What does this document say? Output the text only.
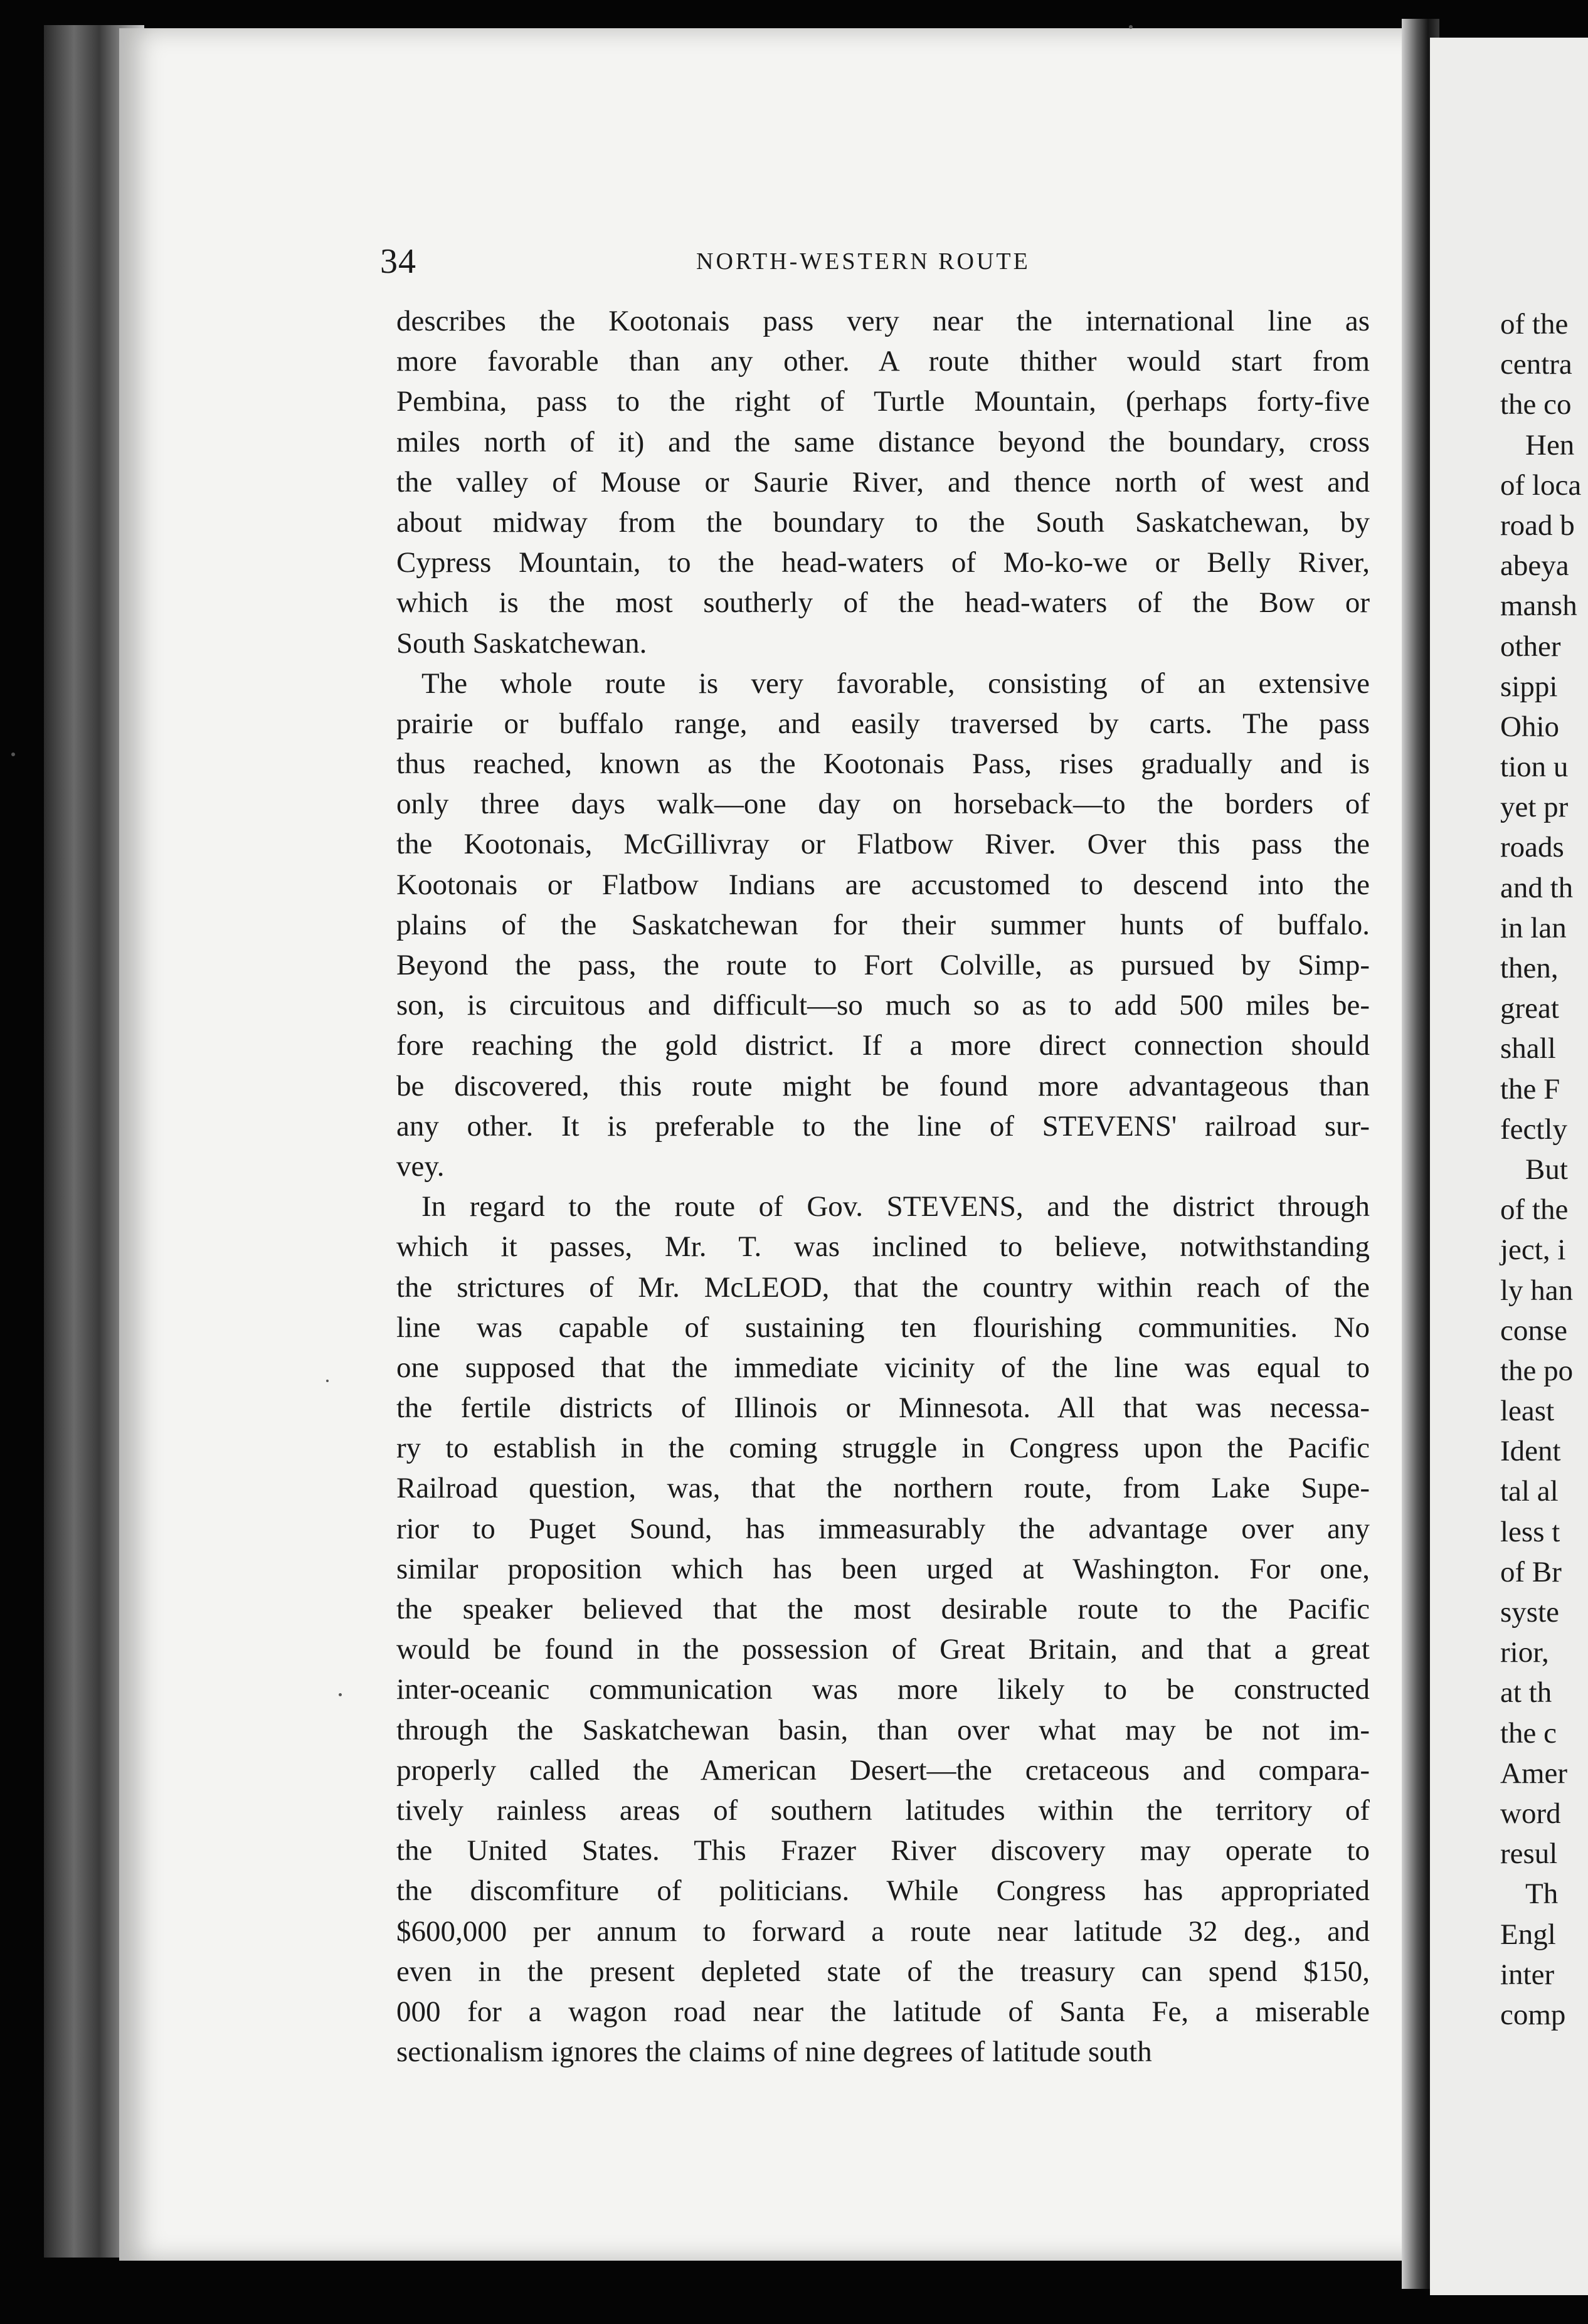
34	NORTH-WESTERN ROUTE
describes the Kootonais pass very near the international line as
more favorable than any other. A route thither would start from
Pembina, pass to the right of Turtle Mountain, (perhaps forty-five
miles north of it) and the same distance beyond the boundary, cross
the valley of Mouse or Saurie River, and thence north of west and
about midway from the boundary to the South Saskatchewan, by
Cypress Mountain, to the head-waters of Mo-ko-we or Belly River,
which is the most southerly of the head-waters of the Bow or
South Saskatchewan.
The whole route is very favorable, consisting of an extensive
prairie or buffalo range, and easily traversed by carts. The pass
thus reached, known as the Kootonais Pass, rises gradually and is
only three days walk—one day on horseback—to the borders of
the Kootonais, McGillivray or Flatbow River. Over this pass the
Kootonais or Flatbow Indians are accustomed to descend into the
plains of the Saskatchewan for their summer hunts of buffalo.
Beyond the pass, the route to Fort Colville, as pursued by Simp-
son, is circuitous and difficult—so much so as to add 500 miles be-
fore reaching the gold district. If a more direct connection should
be discovered, this route might be found more advantageous than
any other. It is preferable to the line of STEVENS' railroad sur-
vey.
In regard to the route of Gov. STEVENS, and the district through
which it passes, Mr. T. was inclined to believe, notwithstanding
the strictures of Mr. McLEOD, that the country within reach of the
line was capable of sustaining ten flourishing communities. No
one supposed that the immediate vicinity of the line was equal to
the fertile districts of Illinois or Minnesota. All that was necessa-
ry to establish in the coming struggle in Congress upon the Pacific
Railroad question, was, that the northern route, from Lake Supe-
rior to Puget Sound, has immeasurably the advantage over any
similar proposition which has been urged at Washington. For one,
the speaker believed that the most desirable route to the Pacific
would be found in the possession of Great Britain, and that a great
inter-oceanic communication was more likely to be constructed
through the Saskatchewan basin, than over what may be not im-
properly called the American Desert—the cretaceous and compara-
tively rainless areas of southern latitudes within the territory of
the United States. This Frazer River discovery may operate to
the discomfiture of politicians. While Congress has appropriated
$600,000 per annum to forward a route near latitude 32 deg., and
even in the present depleted state of the treasury can spend $150,
000 for a wagon road near the latitude of Santa Fe, a miserable
sectionalism ignores the claims of nine degrees of latitude south
of the
centra
the co
Hen
of loca
road b
abeya
mansh
other
sippi
Ohio
tion u
yet pr
roads
and th
in lan
then,
great
shall
the F
fectly
But
of the
ject, i
ly han
conse
the po
least
Ident
tal al
less t
of Br
syste
rior,
at th
the c
Amer
word
resul
Th
Engl
inter
comp
